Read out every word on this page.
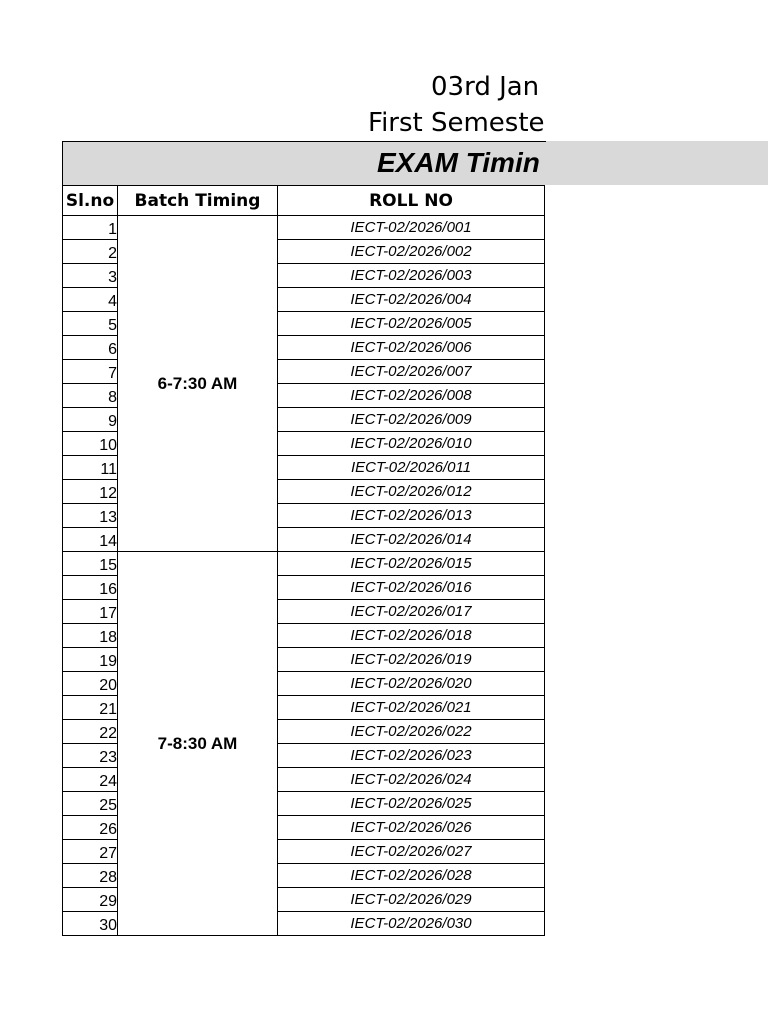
03rd Jan
First Semeste
EXAM Timin
Sl.no	Batch Timing	ROLL NO
1	6-7:30 AM	IECT-02/2026/001
2		IECT-02/2026/002
3		IECT-02/2026/003
4		IECT-02/2026/004
5		IECT-02/2026/005
6		IECT-02/2026/006
7		IECT-02/2026/007
8		IECT-02/2026/008
9		IECT-02/2026/009
10		IECT-02/2026/010
11		IECT-02/2026/011
12		IECT-02/2026/012
13		IECT-02/2026/013
14		IECT-02/2026/014
15	7-8:30 AM	IECT-02/2026/015
16		IECT-02/2026/016
17		IECT-02/2026/017
18		IECT-02/2026/018
19		IECT-02/2026/019
20		IECT-02/2026/020
21		IECT-02/2026/021
22		IECT-02/2026/022
23		IECT-02/2026/023
24		IECT-02/2026/024
25		IECT-02/2026/025
26		IECT-02/2026/026
27		IECT-02/2026/027
28		IECT-02/2026/028
29		IECT-02/2026/029
30		IECT-02/2026/030
